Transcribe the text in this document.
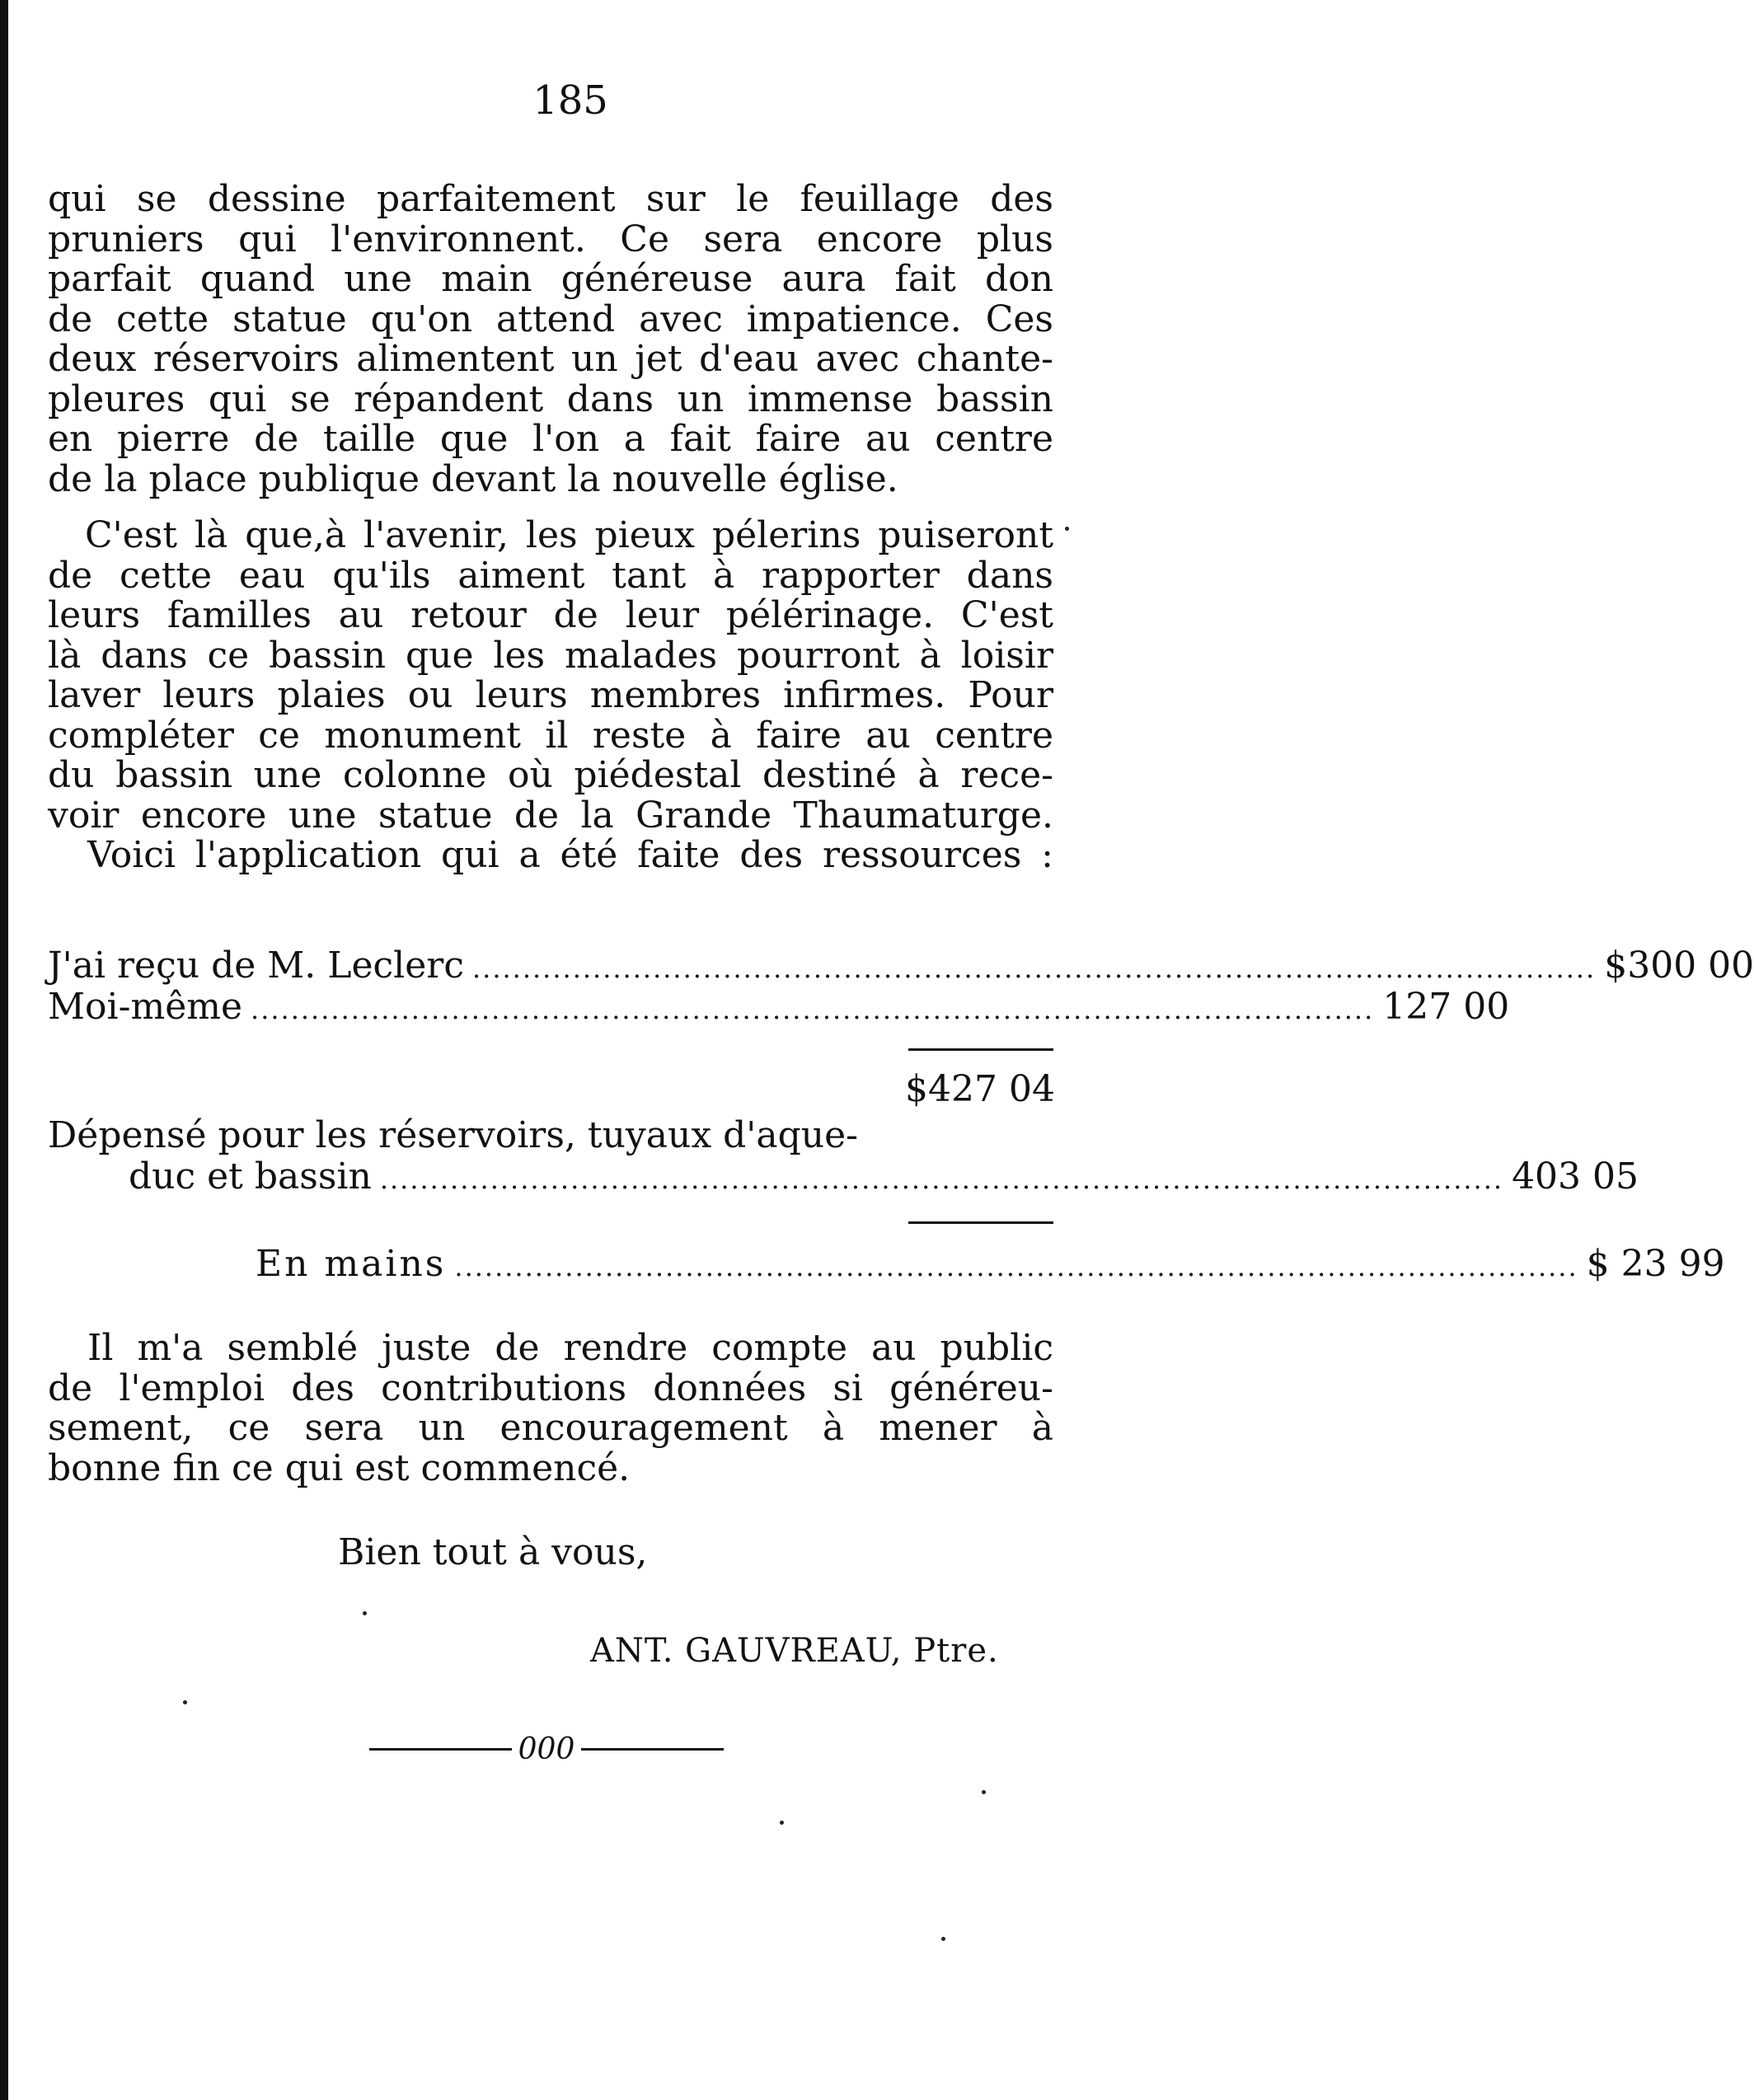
185
qui se dessine parfaitement sur le feuillage des
pruniers qui l'environnent. Ce sera encore plus
parfait quand une main généreuse aura fait don
de cette statue qu'on attend avec impatience. Ces
deux réservoirs alimentent un jet d'eau avec chante-
pleures qui se répandent dans un immense bassin
en pierre de taille que l'on a fait faire au centre
de la place publique devant la nouvelle église.
C'est là que,à l'avenir, les pieux pélerins puiseront
de cette eau qu'ils aiment tant à rapporter dans
leurs familles au retour de leur pélérinage. C'est
là dans ce bassin que les malades pourront à loisir
laver leurs plaies ou leurs membres infirmes. Pour
compléter ce monument il reste à faire au centre
du bassin une colonne où piédestal destiné à rece-
voir encore une statue de la Grande Thaumaturge.
Voici l'application qui a été faite des ressources :
J'ai reçu de M. Leclerc ................................................................................................................ $300 00
Moi-même ................................................................................................................ 127 00
$427 04
Dépensé pour les réservoirs, tuyaux d'aque-
duc et bassin ................................................................................................................ 403 05
En mains ................................................................................................................ $ 23 99
Il m'a semblé juste de rendre compte au public
de l'emploi des contributions données si généreu-
sement, ce sera un encouragement à mener à
bonne fin ce qui est commencé.
Bien tout à vous,
ANT. GAUVREAU, Ptre.
000
